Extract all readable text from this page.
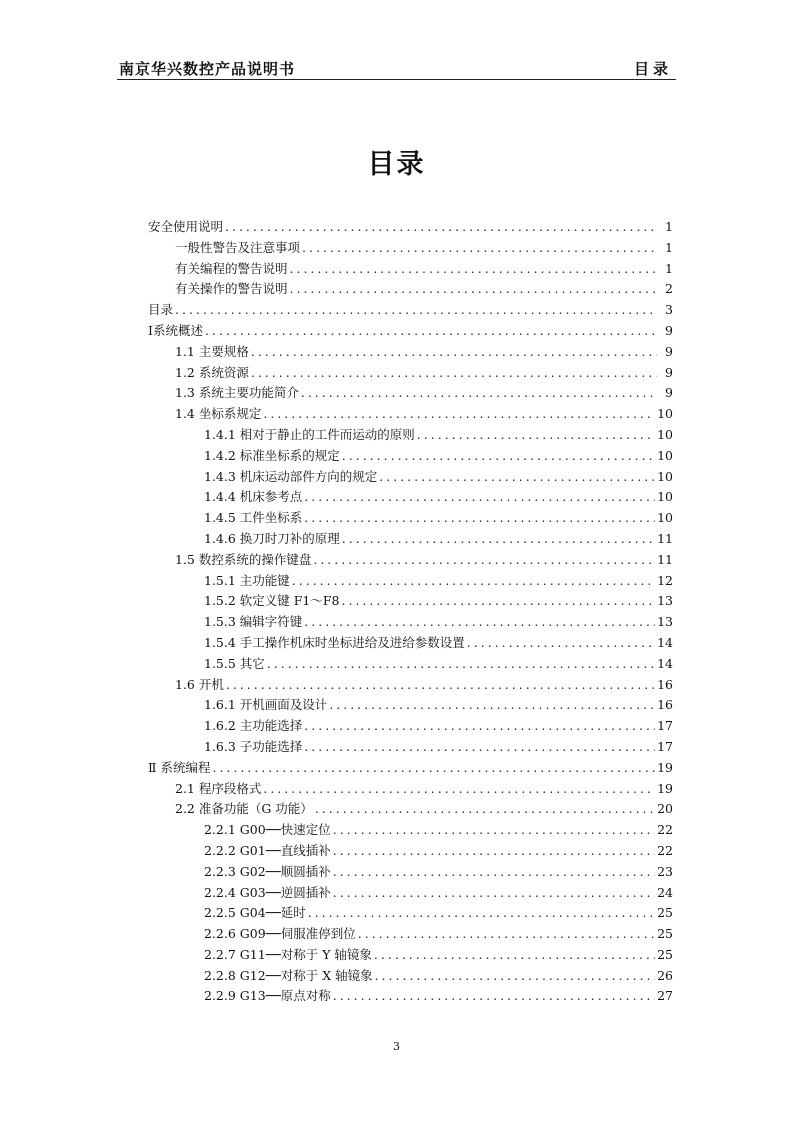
南京华兴数控产品说明书	目录
目录
安全使用说明 .....	1
一般性警告及注意事项 .....	1
有关编程的警告说明 .....	1
有关操作的警告说明 .....	2
目录 .....	3
Ⅰ系统概述 .....	9
1.1 主要规格 .....	9
1.2 系统资源 .....	9
1.3 系统主要功能简介 .....	9
1.4 坐标系规定 .....	10
1.4.1 相对于静止的工件而运动的原则 .....	10
1.4.2 标准坐标系的规定 .....	10
1.4.3 机床运动部件方向的规定 .....	10
1.4.4 机床参考点 .....	10
1.4.5 工件坐标系 .....	10
1.4.6 换刀时刀补的原理 .....	11
1.5 数控系统的操作键盘 .....	11
1.5.1 主功能键 .....	12
1.5.2 软定义键 F1～F8 .....	13
1.5.3 编辑字符键 .....	13
1.5.4 手工操作机床时坐标进给及进给参数设置 .....	14
1.5.5 其它 .....	14
1.6 开机 .....	16
1.6.1 开机画面及设计 .....	16
1.6.2 主功能选择 .....	17
1.6.3 子功能选择 .....	17
Ⅱ 系统编程 .....	19
2.1 程序段格式 .....	19
2.2 准备功能（G 功能） .....	20
2.2.1 G00──快速定位 .....	22
2.2.2 G01──直线插补 .....	22
2.2.3 G02──顺圆插补 .....	23
2.2.4 G03──逆圆插补 .....	24
2.2.5 G04──延时 .....	25
2.2.6 G09──伺服准停到位 .....	25
2.2.7 G11──对称于 Y 轴镜象 .....	25
2.2.8 G12──对称于 X 轴镜象 .....	26
2.2.9 G13──原点对称 .....	27
3
